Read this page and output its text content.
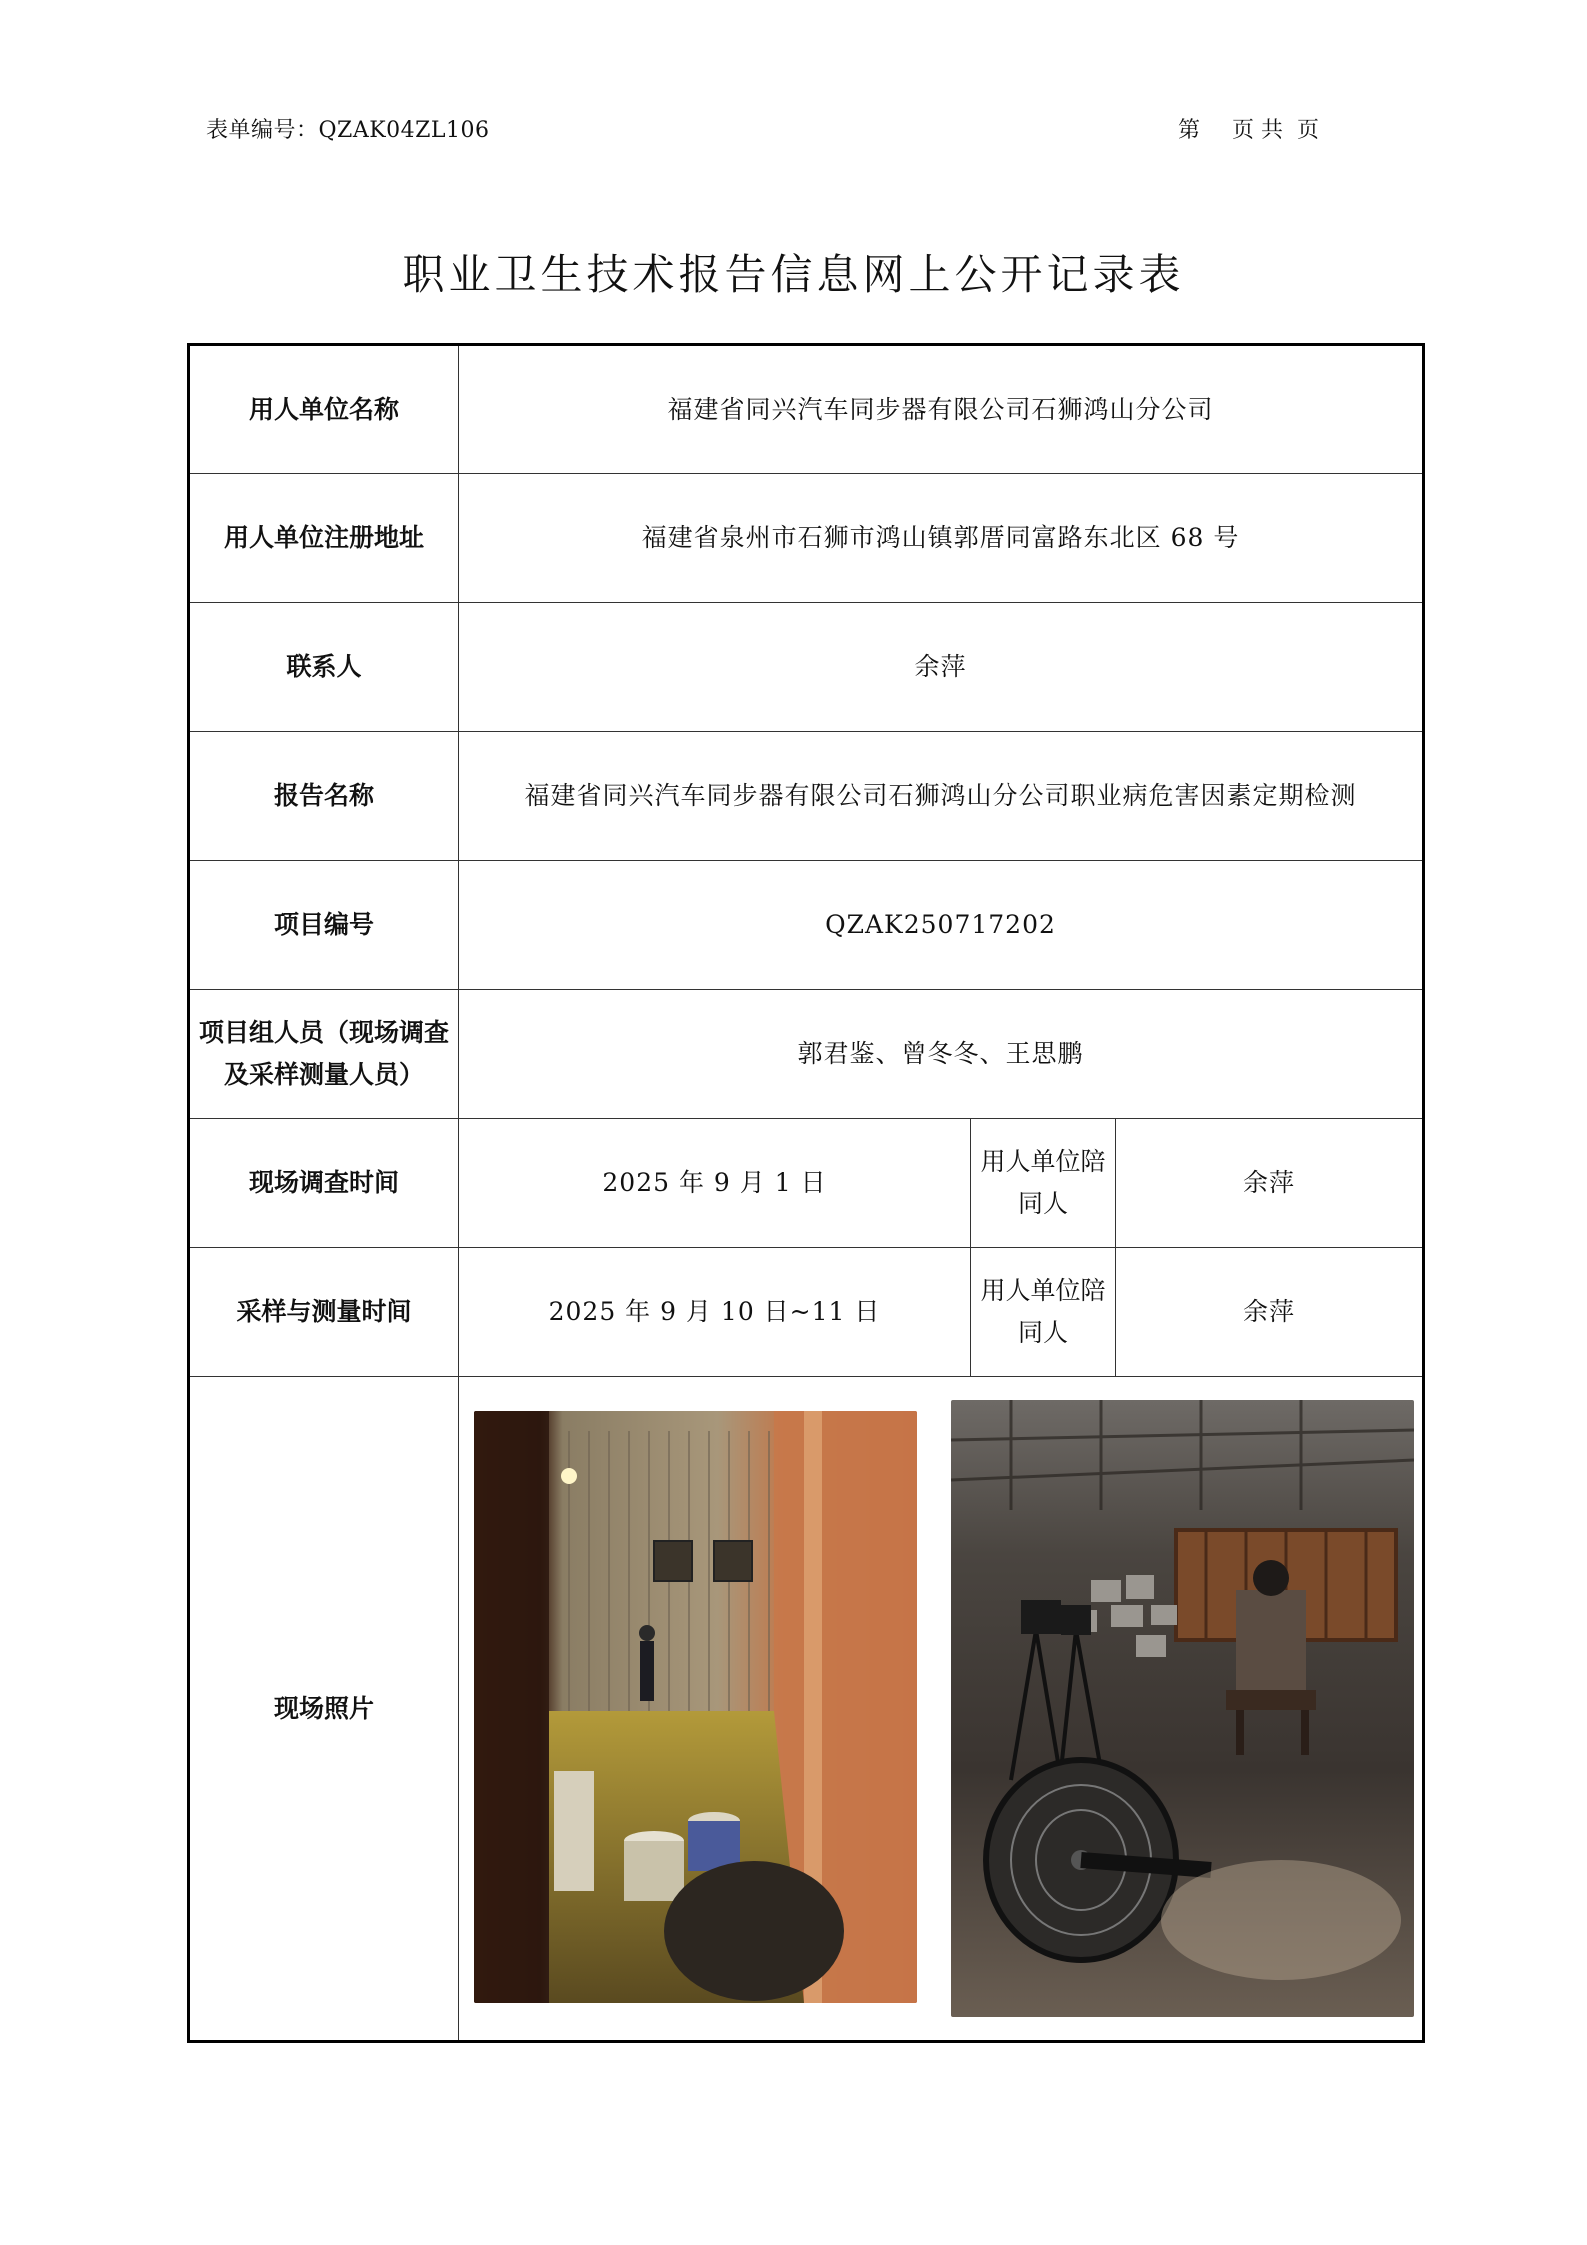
表单编号：QZAK04ZL106	第 页 共 页
职业卫生技术报告信息网上公开记录表
用人单位名称	福建省同兴汽车同步器有限公司石狮鸿山分公司		
用人单位注册地址	福建省泉州市石狮市鸿山镇郭厝同富路东北区 68 号		
联系人	余萍		
报告名称	福建省同兴汽车同步器有限公司石狮鸿山分公司职业病危害因素定期检测		
项目编号	QZAK250717202		
项目组人员（现场调查及采样测量人员）	郭君鉴、曾冬冬、王思鹏		
现场调查时间	2025 年 9 月 1 日	用人单位陪同人	余萍
采样与测量时间	2025 年 9 月 10 日~11 日	用人单位陪同人	余萍
现场照片	
